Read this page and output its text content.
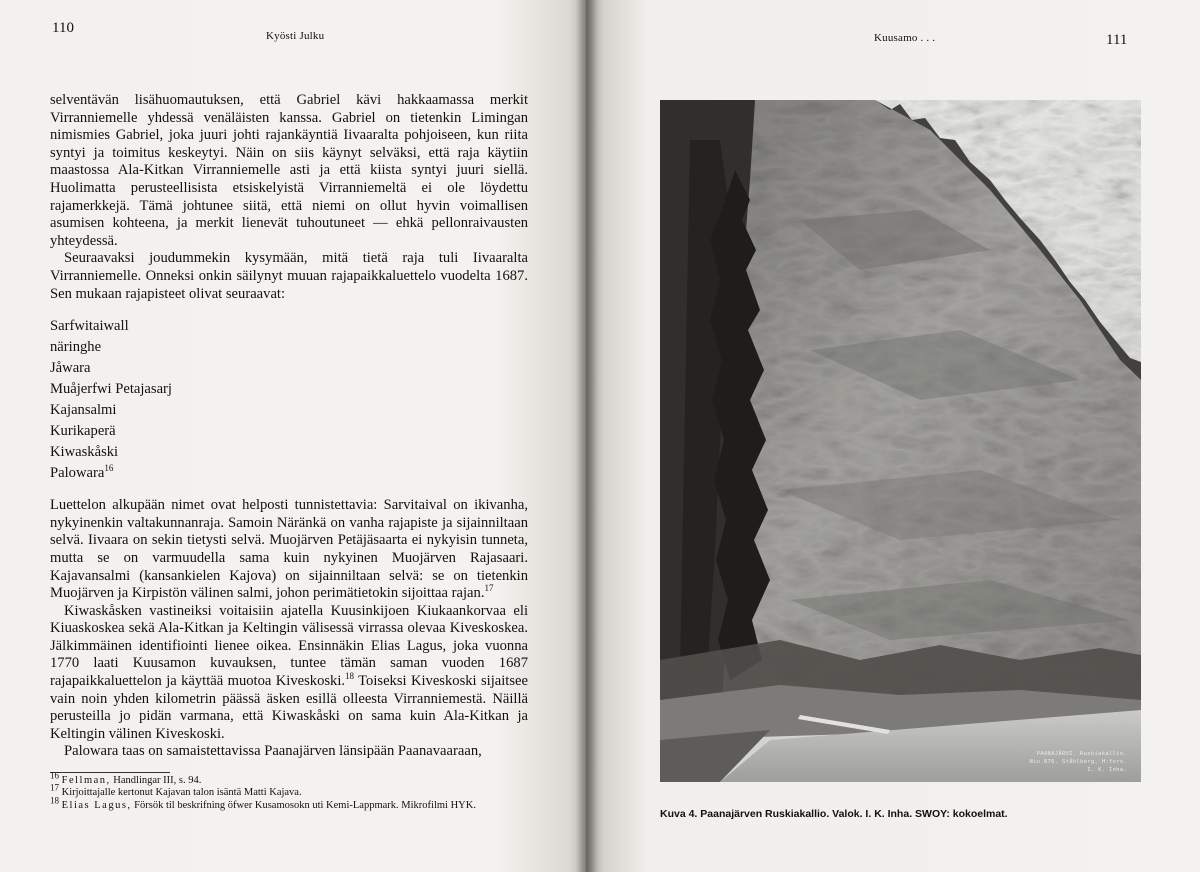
110	Kyösti Julku

selventävän lisähuomautuksen, että Gabriel kävi hakkaamassa merkit Virranniemelle yhdessä venäläisten kanssa. Gabriel on tietenkin Limingan nimismies Gabriel, joka juuri johti rajankäyntiä Iivaaralta pohjoiseen, kun riita syntyi ja toimitus keskeytyi. Näin on siis käynyt selväksi, että raja käytiin maastossa Ala-Kitkan Virranniemelle asti ja että kiista syntyi juuri siellä. Huolimatta perusteellisista etsiskelyistä Virranniemeltä ei ole löydettu rajamerkkejä. Tämä johtunee siitä, että niemi on ollut hyvin voimallisen asumisen kohteena, ja merkit lienevät tuhoutuneet — ehkä pellonraivausten yhteydessä.

Seuraavaksi joudummekin kysymään, mitä tietä raja tuli Iivaaralta Virranniemelle. Onneksi onkin säilynyt muuan rajapaikkaluettelo vuodelta 1687. Sen mukaan rajapisteet olivat seuraavat:

Sarfwitaiwall
näringhe
Jåwara
Muåjerfwi Petajasarj
Kajansalmi
Kurikaperä
Kiwaskåski
Palowara$^{16}$

Luettelon alkupään nimet ovat helposti tunnistettavia: Sarvitaival on ikivanha, nykyinenkin valtakunnanraja. Samoin Näränkä on vanha rajapiste ja sijainniltaan selvä. Iivaara on sekin tietysti selvä. Muojärven Petäjäsaarta ei nykyisin tunneta, mutta se on varmuudella sama kuin nykyinen Muojärven Rajasaari. Kajavansalmi (kansankielen Kajova) on sijainniltaan selvä: se on tietenkin Muojärven ja Kirpistön välinen salmi, johon perimätietokin sijoittaa rajan.$^{17}$

Kiwaskåsken vastineiksi voitaisiin ajatella Kuusinkijoen Kiukaankorvaa eli Kiuaskoskea sekä Ala-Kitkan ja Keltingin välisessä virrassa olevaa Kiveskoskea. Jälkimmäinen identifiointi lienee oikea. Ensinnäkin Elias Lagus, joka vuonna 1770 laati Kuusamon kuvauksen, tuntee tämän saman vuoden 1687 rajapaikkaluettelon ja käyttää muotoa Kiveskoski.$^{18}$ Toiseksi Kiveskoski sijaitsee vain noin yhden kilometrin päässä äsken esillä olleesta Virranniemestä. Näillä perusteilla jo pidän varmana, että Kiwaskåski on sama kuin Ala-Kitkan ja Keltingin välinen Kiveskoski.

Palowara taas on samaistettavissa Paanajärven länsipään Paanavaaraan,

$^{16}$ Fellman, Handlingar III, s. 94.
$^{17}$ Kirjoittajalle kertonut Kajavan talon isäntä Matti Kajava.
$^{18}$ Elias Lagus, Försök til beskrifning öfwer Kusamosokn uti Kemi-Lappmark. Mikrofilmi HYK.
Kuusamo . . .	111
PAANAJÄRVI. Ruskiakallio.
Nio 876. Ståhlberg, H:fors.
I. K. Inha.
Kuva 4. Paanajärven Ruskiakallio. Valok. I. K. Inha. SWOY: kokoelmat.
